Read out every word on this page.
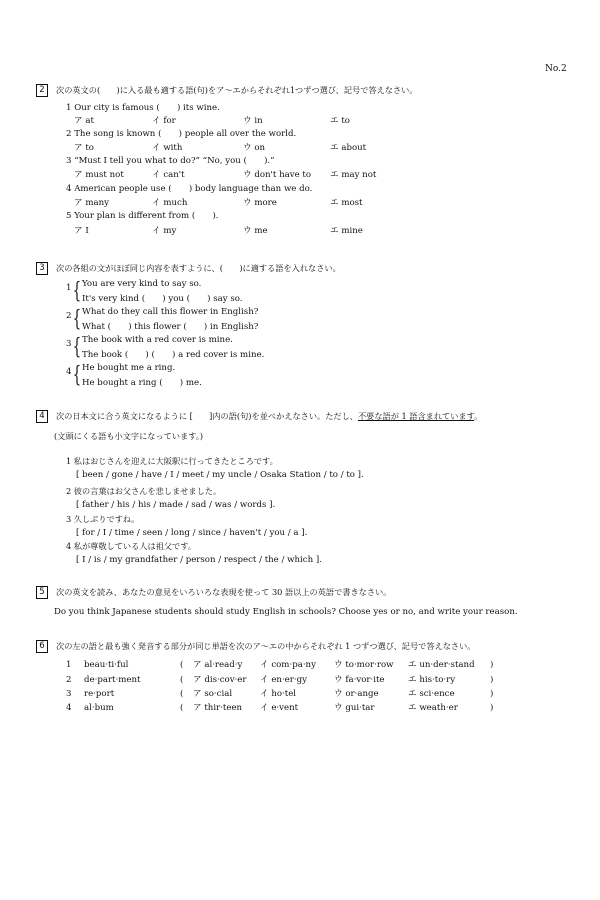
No.2
2	次の英文の(　　)に入る最も適する語(句)をア～エからそれぞれ1つずつ選び、記号で答えなさい。
1 Our city is famous (　　) its wine.
ア at	イ for	ウ in	エ to
2 The song is known (　　) people all over the world.
ア to	イ with	ウ on	エ about
3 “Must I tell you what to do?” “No, you (　　).”
ア must not	イ can't	ウ don't have to エ may not
4 American people use (　　) body language than we do.
ア many	イ much	ウ more	エ most
5 Your plan is different from (　　).
ア I	イ my	ウ me	エ mine
3	次の各組の文がほぼ同じ内容を表すように、(　　)に適する語を入れなさい。
1 { You are very kind to say so.
It's very kind (　　) you (　　) say so.
2 { What do they call this flower in English?
What (　　) this flower (　　) in English?
3 { The book with a red cover is mine.
The book (　　) (　　) a red cover is mine.
4 { He bought me a ring.
He bought a ring (　　) me.
4	次の日本文に合う英文になるように [　　]内の語(句)を並べかえなさい。ただし、不要な語が 1 語含まれています。
(文頭にくる語も小文字になっています。)
1 私はおじさんを迎えに大阪駅に行ってきたところです。
[ been / gone / have / I / meet / my uncle / Osaka Station / to / to ].
2 彼の言葉はお父さんを悲しませました。
[ father / his / his / made / sad / was / words ].
3 久しぶりですね。
[ for / I / time / seen / long / since / haven't / you / a ].
4 私が尊敬している人は祖父です。
[ I / is / my grandfather / person / respect / the / which ].
5	次の英文を読み、あなたの意見をいろいろな表現を使って 30 語以上の英語で書きなさい。
Do you think Japanese students should study English in schools? Choose yes or no, and write your reason.
6	次の左の語と最も強く発音する部分が同じ単語を次のア～エの中からそれぞれ 1 つずつ選び、記号で答えなさい。
1 beau·ti·ful	( ア al·read·y イ com·pa·ny ウ to·mor·row エ un·der·stand )
2 de·part·ment	( ア dis·cov·er イ en·er·gy	ウ fa·vor·ite	エ his·to·ry	)
3 re·port	( ア so·cial	イ ho·tel	ウ or·ange	エ sci·ence	)
4 al·bum	( ア thir·teen イ e·vent	ウ gui·tar	エ weath·er	)
